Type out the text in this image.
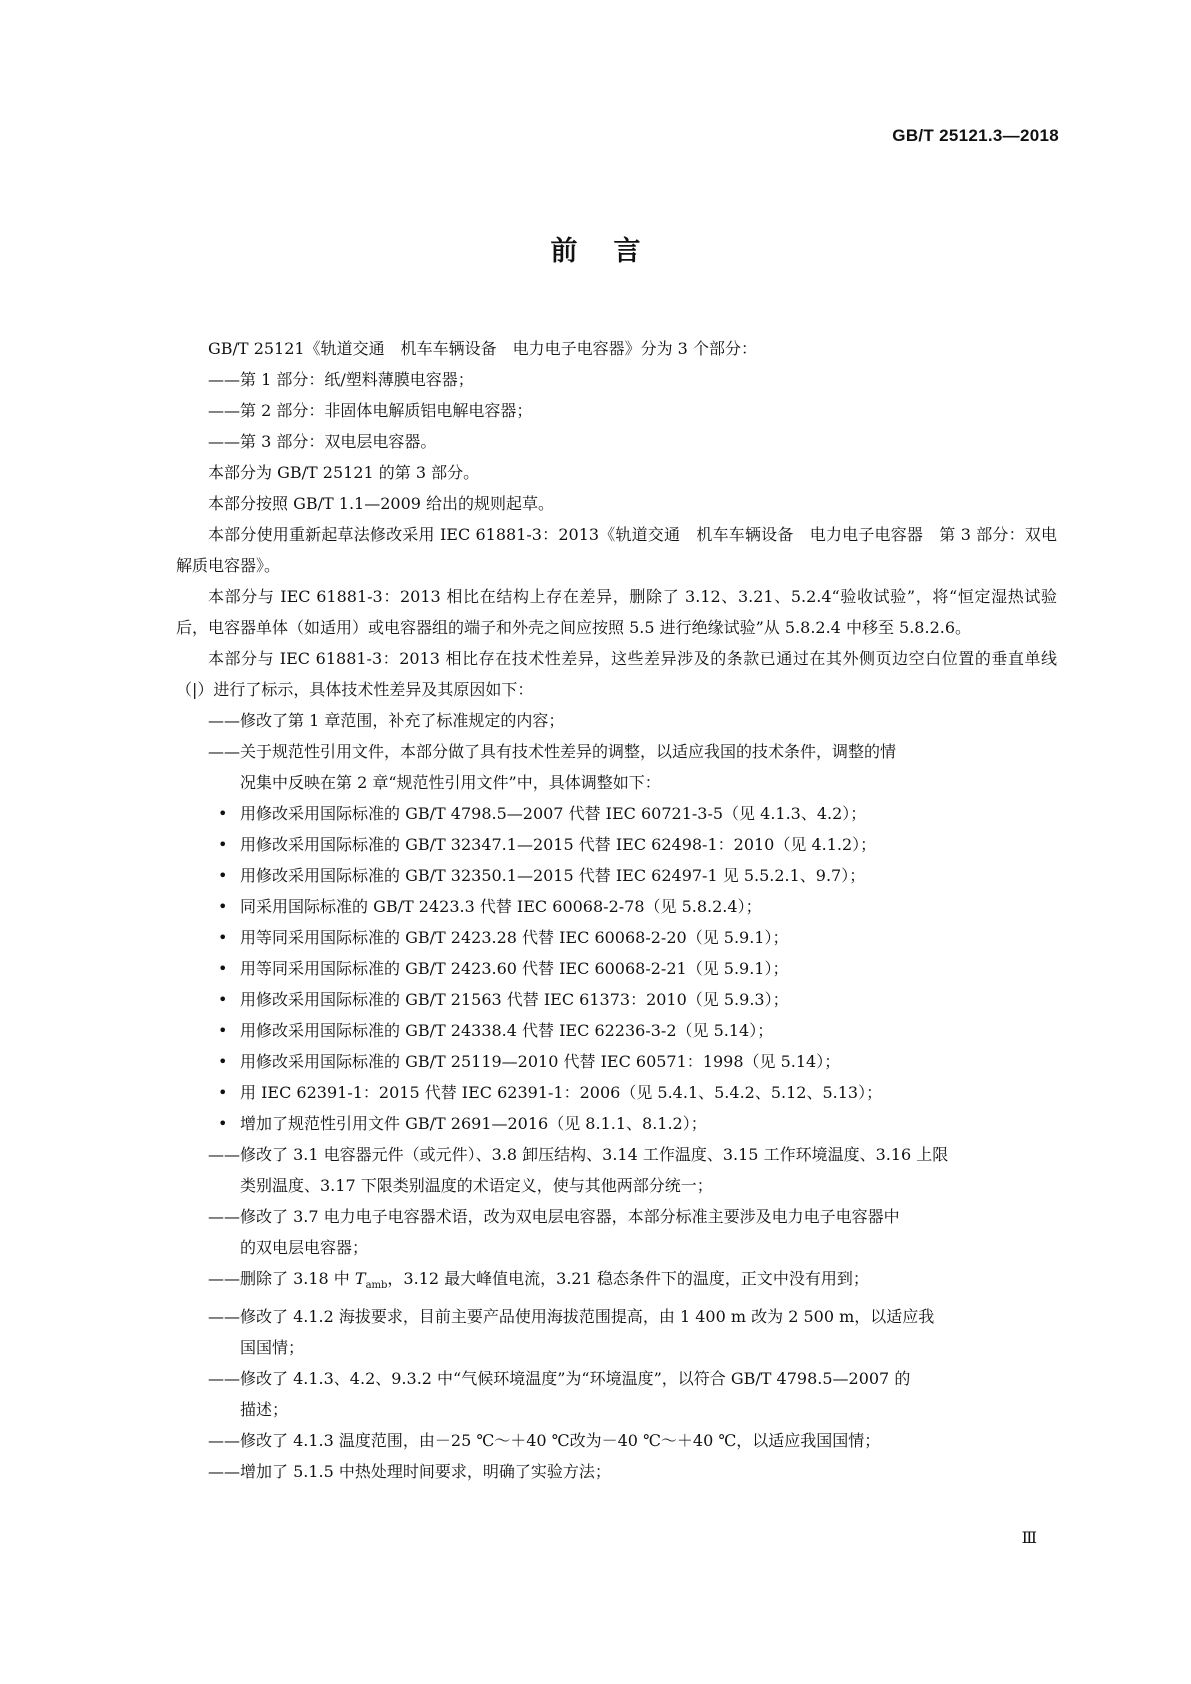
GB/T 25121.3—2018
前言

GB/T 25121《轨道交通　机车车辆设备　电力电子电容器》分为 3 个部分：

——第 1 部分：纸/塑料薄膜电容器；

——第 2 部分：非固体电解质铝电解电容器；

——第 3 部分：双电层电容器。

本部分为 GB/T 25121 的第 3 部分。

本部分按照 GB/T 1.1—2009 给出的规则起草。

本部分使用重新起草法修改采用 IEC 61881-3：2013《轨道交通　机车车辆设备　电力电子电容器　第 3 部分：双电解质电容器》。

本部分与 IEC 61881-3：2013 相比在结构上存在差异，删除了 3.12、3.21、5.2.4“验收试验”，将“恒定湿热试验后，电容器单体（如适用）或电容器组的端子和外壳之间应按照 5.5 进行绝缘试验”从 5.8.2.4 中移至 5.8.2.6。

本部分与 IEC 61881-3：2013 相比存在技术性差异，这些差异涉及的条款已通过在其外侧页边空白位置的垂直单线（|）进行了标示，具体技术性差异及其原因如下：

——修改了第 1 章范围，补充了标准规定的内容；

——关于规范性引用文件，本部分做了具有技术性差异的调整，以适应我国的技术条件，调整的情
况集中反映在第 2 章“规范性引用文件”中，具体调整如下：

• 用修改采用国际标准的 GB/T 4798.5—2007 代替 IEC 60721-3-5（见 4.1.3、4.2）；

• 用修改采用国际标准的 GB/T 32347.1—2015 代替 IEC 62498-1：2010（见 4.1.2）；

• 用修改采用国际标准的 GB/T 32350.1—2015 代替 IEC 62497-1 见 5.5.2.1、9.7）；

• 同采用国际标准的 GB/T 2423.3 代替 IEC 60068-2-78（见 5.8.2.4）；

• 用等同采用国际标准的 GB/T 2423.28 代替 IEC 60068-2-20（见 5.9.1）；

• 用等同采用国际标准的 GB/T 2423.60 代替 IEC 60068-2-21（见 5.9.1）；

• 用修改采用国际标准的 GB/T 21563 代替 IEC 61373：2010（见 5.9.3）；

• 用修改采用国际标准的 GB/T 24338.4 代替 IEC 62236-3-2（见 5.14）；

• 用修改采用国际标准的 GB/T 25119—2010 代替 IEC 60571：1998（见 5.14）；

• 用 IEC 62391-1：2015 代替 IEC 62391-1：2006（见 5.4.1、5.4.2、5.12、5.13）；

• 增加了规范性引用文件 GB/T 2691—2016（见 8.1.1、8.1.2）；

——修改了 3.1 电容器元件（或元件）、3.8 卸压结构、3.14 工作温度、3.15 工作环境温度、3.16 上限
类别温度、3.17 下限类别温度的术语定义，使与其他两部分统一；

——修改了 3.7 电力电子电容器术语，改为双电层电容器，本部分标准主要涉及电力电子电容器中
的双电层电容器；

——删除了 3.18 中 $T_{amb}$，3.12 最大峰值电流，3.21 稳态条件下的温度，正文中没有用到；

——修改了 4.1.2 海拔要求，目前主要产品使用海拔范围提高，由 1 400 m 改为 2 500 m，以适应我
国国情；

——修改了 4.1.3、4.2、9.3.2 中“气候环境温度”为“环境温度”，以符合 GB/T 4798.5—2007 的
描述；

——修改了 4.1.3 温度范围，由－25 ℃～＋40 ℃改为－40 ℃～＋40 ℃，以适应我国国情；

——增加了 5.1.5 中热处理时间要求，明确了实验方法；

Ⅲ
